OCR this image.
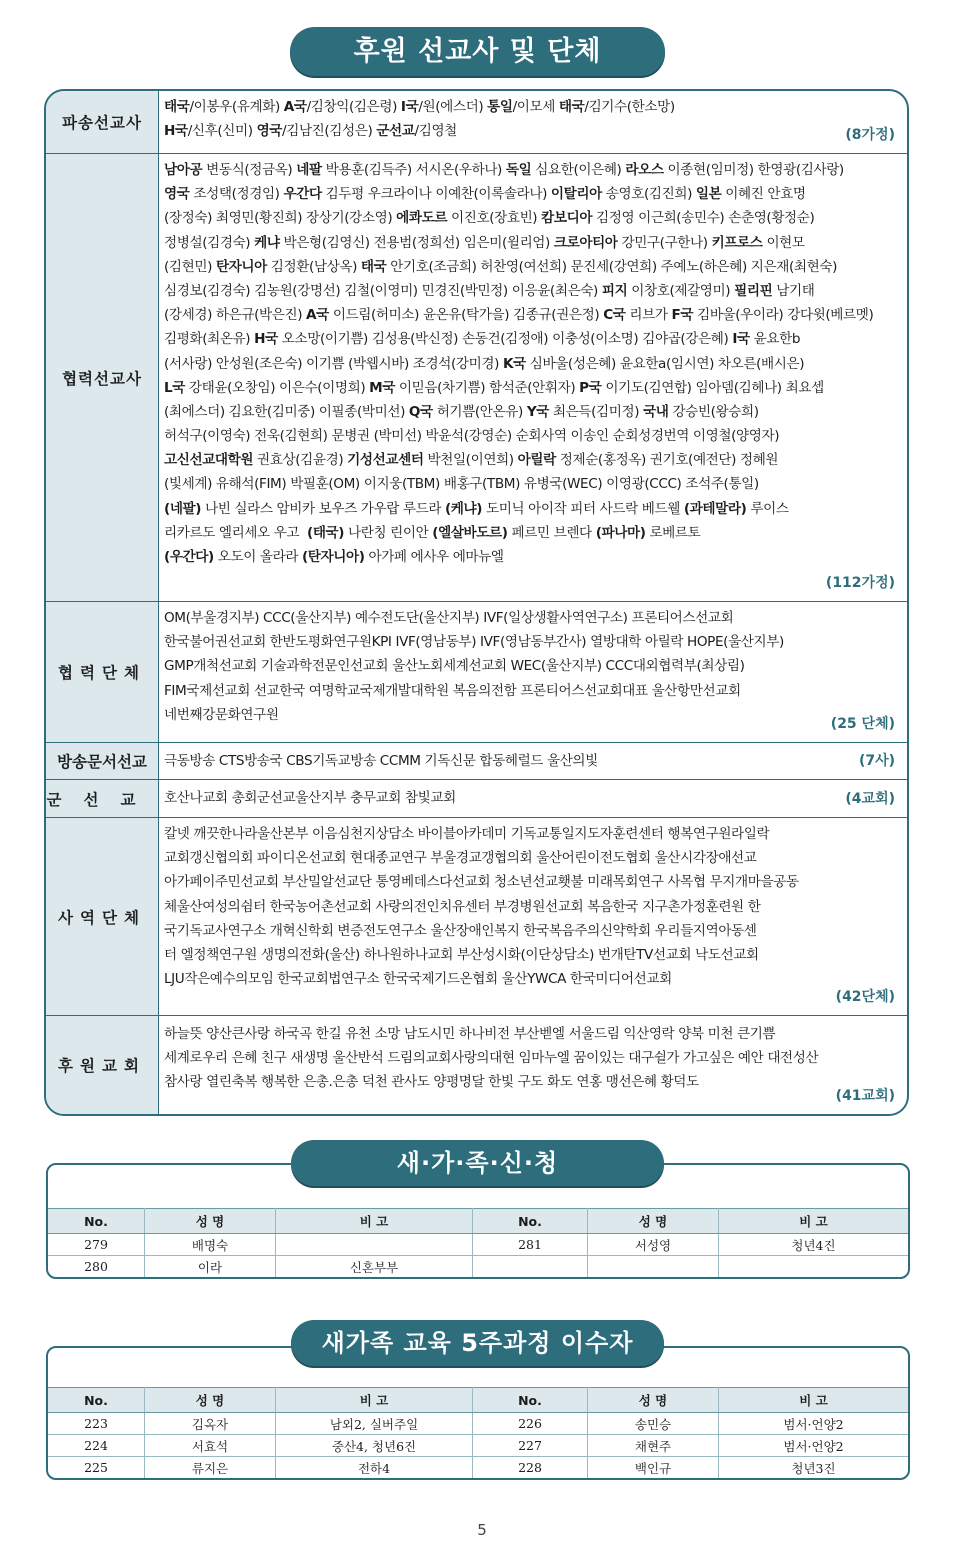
후원 선교사 및 단체
파송선교사
태국/이봉우(유계화) A국/김창익(김은령) I국/원(에스더) 통일/이모세 태국/김기수(한소망)
H국/신후(신미) 영국/김남진(김성은) 군선교/김영철	(8가정)
협력선교사
남아공 변동식(정금옥) 네팔 박용훈(김득주) 서시온(우하나) 독일 심요한(이은혜) 라오스 이종현(임미정) 한영광(김사랑)
영국 조성택(정경임) 우간다 김두평 우크라이나 이예찬(이록솔라나) 이탈리아 송영호(김진희) 일본 이혜진 안효명
(장정숙) 최영민(황진희) 장상기(강소영) 에콰도르 이진호(장효빈) 캄보디아 김정영 이근희(송민수) 손춘영(황정순)
정병설(김경숙) 케냐 박은형(김영신) 전용범(정희선) 임은미(윌리엄) 크로아티아 강민구(구한나) 키프로스 이현모
(김현민) 탄자니아 김정환(남상옥) 태국 안기호(조금희) 허찬영(여선희) 문진세(강연희) 주예노(하은혜) 지은재(최현숙)
심경보(김경숙) 김농원(강명선) 김철(이영미) 민경진(박민정) 이응윤(최은숙) 피지 이창호(제갈영미) 필리핀 남기태
(강세경) 하은규(박은진) A국 이드림(허미소) 윤온유(탁가을) 김종규(권은정) C국 리브가 F국 김바울(우이라) 강다윗(베르멧)
김평화(최온유) H국 오소망(이기쁨) 김성용(박신정) 손동건(김정애) 이충성(이소명) 김야곱(강은혜) I국 윤요한b
(서사랑) 안성원(조은숙) 이기쁨 (박웹시바) 조경석(강미경) K국 심바울(성은혜) 윤요한a(임시연) 차오른(배시은)
L국 강태윤(오창임) 이은수(이명희) M국 이믿음(차기쁨) 함석준(안휘자) P국 이기도(김연합) 임아뎀(김헤나) 최요셉
(최에스더) 김요한(김미중) 이필종(박미선) Q국 허기쁨(안온유) Y국 최은득(김미정) 국내 강승빈(왕승희)
허석구(이영숙) 전욱(김현희) 문병권 (박미선) 박윤석(강영순) 순회사역 이송인 순회성경번역 이영철(양영자)
고신선교대학원 권효상(김윤경) 기성선교센터 박천일(이연희) 아릴락 정제순(홍정옥) 권기호(예전단) 정혜원
(빛세계) 유해석(FIM) 박필훈(OM) 이지웅(TBM) 배홍구(TBM) 유병국(WEC) 이영광(CCC) 조석주(통일)
(네팔) 나빈 실라스 암비카 보우즈 가우랍 루드라 (케냐) 도미닉 아이작 피터 사드락 베드웰 (과테말라) 루이스
리카르도 엘리세오 우고  (태국) 나란칭 린이안 (엘살바도르) 페르민 브렌다 (파나마) 로베르토
(우간다) 오도이 올라라 (탄자니아) 아가페 에사우 에마뉴엘
(112가정)
협력단체
OM(부울경지부) CCC(울산지부) 예수전도단(울산지부) IVF(일상생활사역연구소) 프론티어스선교회
한국불어권선교회 한반도평화연구원KPI IVF(영남동부) IVF(영남동부간사) 열방대학 아릴락 HOPE(울산지부)
GMP개척선교회 기술과학전문인선교회 울산노회세계선교회 WEC(울산지부) CCC대외협력부(최상림)
FIM국제선교회 선교한국 여명학교국제개발대학원 복음의전함 프론티어스선교회대표 울산항만선교회
네번째강문화연구원
(25 단체)
방송문서선교	극동방송 CTS방송국 CBS기독교방송 CCMM 기독신문 합동헤럴드 울산의빛	(7사)
군선교 호산나교회 총회군선교울산지부 충무교회 참빛교회	(4교회)
사역단체
칼넷 깨끗한나라울산본부 이음심천지상담소 바이블아카데미 기독교통일지도자훈련센터 행복연구원라일락
교회갱신협의회 파이디온선교회 현대종교연구 부울경교갱협의회 울산어린이전도협회 울산시각장애선교
아가페이주민선교회 부산밀알선교단 통영베데스다선교회 청소년선교횃불 미래목회연구 사목협 무지개마을공동
체울산여성의쉼터 한국농어촌선교회 사랑의전인치유센터 부경병원선교회 복음한국 지구촌가정훈련원 한
국기독교사연구소 개혁신학회 변증전도연구소 울산장애인복지 한국복음주의신약학회 우리들지역아동센
터 엘정책연구원 생명의전화(울산) 하나원하나교회 부산성시화(이단상담소) 번개탄TV선교회 낙도선교회
LJU작은예수의모임 한국교회법연구소 한국국제기드온협회 울산YWCA 한국미디어선교회
(42단체)
후원교회
하늘뜻 양산큰사랑 하국곡 한길 유천 소망 남도시민 하나비전 부산벧엘 서울드림 익산영락 양북 미천 큰기쁨
세계로우리 은혜 친구 새생명 울산반석 드림의교회사랑의대현 임마누엘 꿈이있는 대구쉴가 가고싶은 예안 대전성산
참사랑 열린축복 행복한 은총.은총 덕천 관사도 양평명달 한빛 구도 화도 연홍 맹선은혜 황덕도
(41교회)
No.	성 명	비 고	No.	성 명	비 고
279	배명숙		281	서성영	청년4진
280	이라	신혼부부			
새·가·족·신·청
No.	성 명	비 고	No.	성 명	비 고
223	김옥자	남외2, 실버주일	226	송민승	범서·언양2
224	서효석	중산4, 청년6진	227	채현주	범서·언양2
225	류지은	전하4	228	백인규	청년3진
새가족 교육 5주과정 이수자
5
